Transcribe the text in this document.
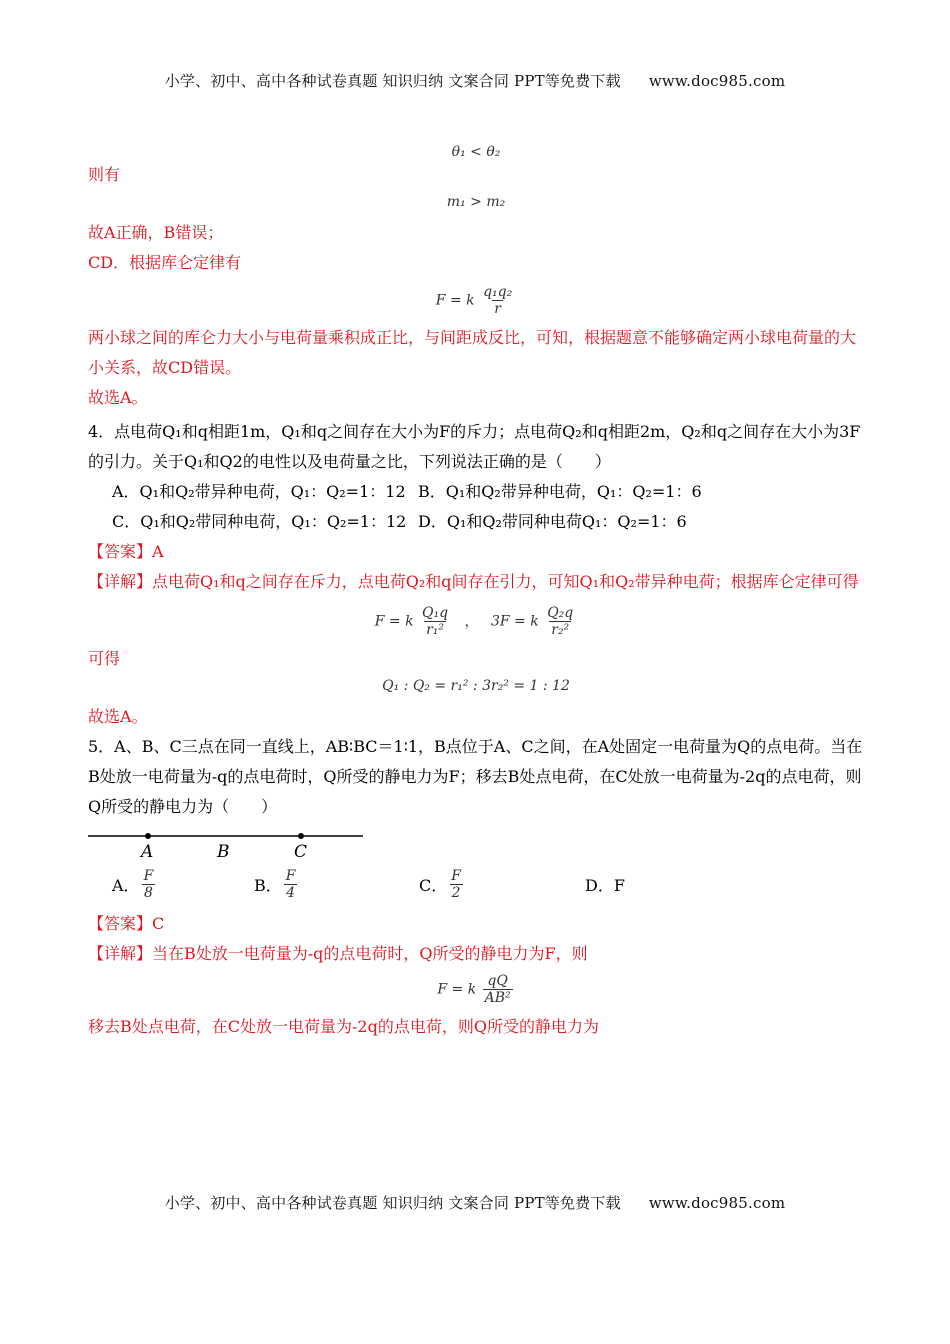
小学、初中、高中各种试卷真题 知识归纳 文案合同 PPT等免费下载 www.doc985.com

θ₁ < θ₂

则有

m₁ > m₂

故A正确，B错误；

CD．根据库仑定律有

F = k $\frac{\text{q₁q₂}}{r}$

两小球之间的库仑力大小与电荷量乘积成正比，与间距成反比，可知，根据题意不能够确定两小球电荷量的大小关系，故CD错误。

故选A。

4．点电荷Q₁和q相距1m，Q₁和q之间存在大小为F的斥力；点电荷Q₂和q相距2m，Q₂和q之间存在大小为3F的引力。关于Q₁和Q2的电性以及电荷量之比，下列说法正确的是（　　）

A．Q₁和Q₂带异种电荷，Q₁：Q₂=1：12 B．Q₁和Q₂带异种电荷，Q₁：Q₂=1：6
C．Q₁和Q₂带同种电荷，Q₁：Q₂=1：12 D．Q₁和Q₂带同种电荷Q₁：Q₂=1：6

【答案】A

【详解】点电荷Q₁和q之间存在斥力，点电荷Q₂和q间存在引力，可知Q₁和Q₂带异种电荷；根据库仑定律可得

F = k $\frac{\text{Q₁q}}{\text{r₁²}}$ ， 3F = k $\frac{\text{Q₂q}}{\text{r₂²}}$

可得

Q₁ : Q₂ = r₁² : 3r₂² = 1 : 12

故选A。

5．A、B、C三点在同一直线上，AB∶BC＝1∶1，B点位于A、C之间，在A处固定一电荷量为Q的点电荷。当在B处放一电荷量为-q的点电荷时，Q所受的静电力为F；移去B处点电荷，在C处放一电荷量为-2q的点电荷，则Q所受的静电力为（　　）

A	B	C
A． $\frac{F}{8}$	B． $\frac{F}{4}$	C． $\frac{F}{2}$	D．F

【答案】C

【详解】当在B处放一电荷量为-q的点电荷时，Q所受的静电力为F，则

F = k $\frac{qQ}{\text{AB²}}$

移去B处点电荷，在C处放一电荷量为-2q的点电荷，则Q所受的静电力为

小学、初中、高中各种试卷真题 知识归纳 文案合同 PPT等免费下载 www.doc985.com
